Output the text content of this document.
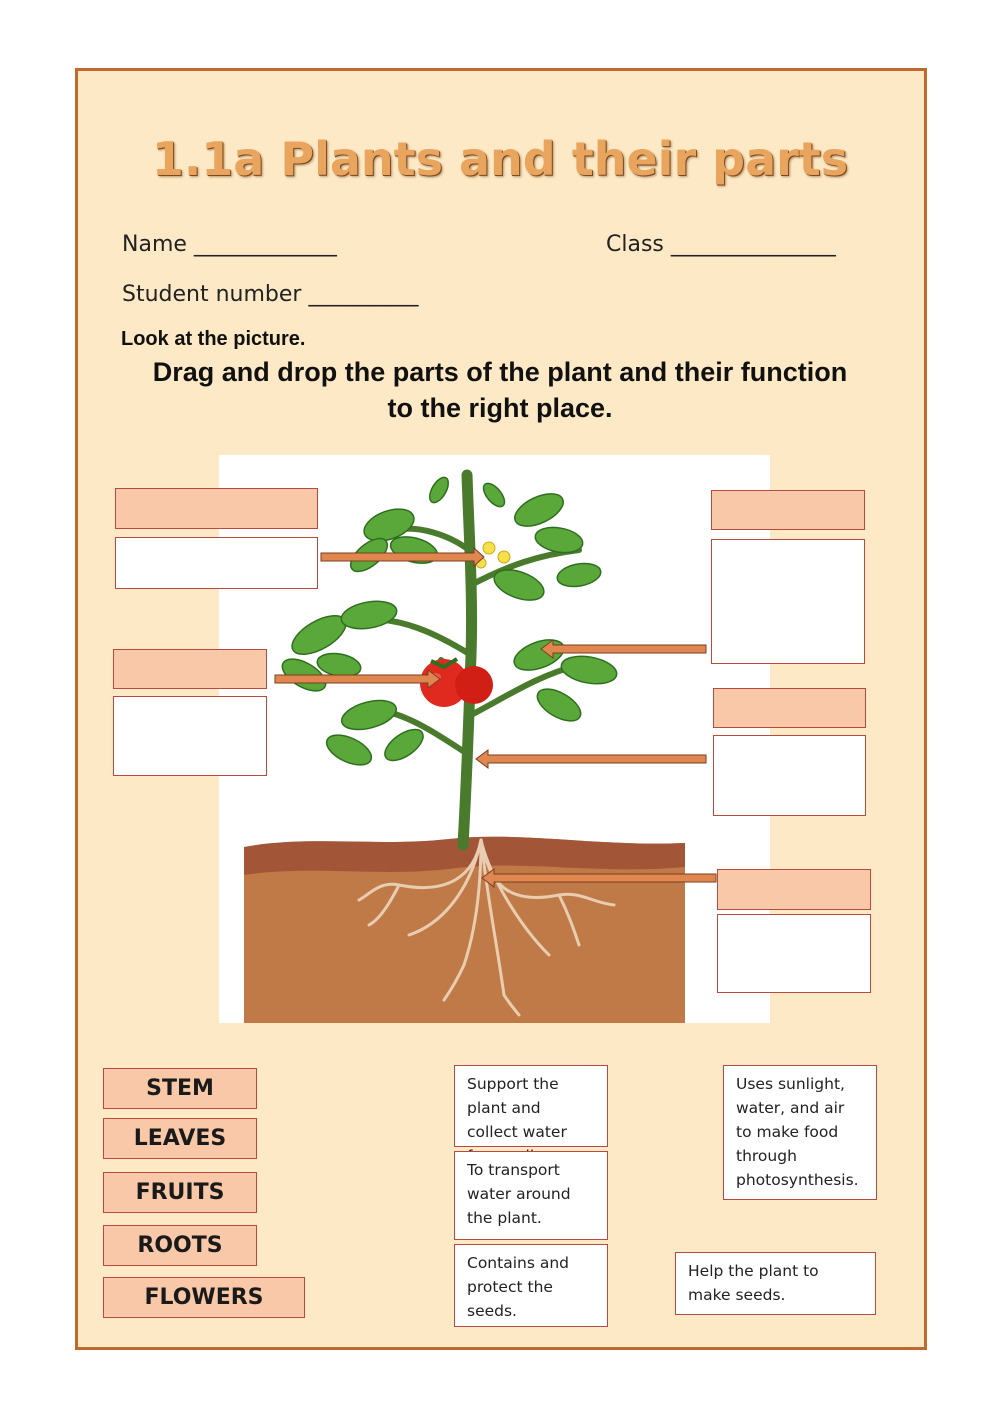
1.1a Plants and their parts
Name _____________	Class _______________
Student number __________
Look at the picture.
Drag and drop the parts of the plant and their function to the right place.
STEM
LEAVES
FRUITS
ROOTS
FLOWERS
Support the plant and collect water
To transport water around the plant.
Contains and protect the seeds.
Uses sunlight, water, and air to make food through photosynthesis.
Help the plant to make seeds.
